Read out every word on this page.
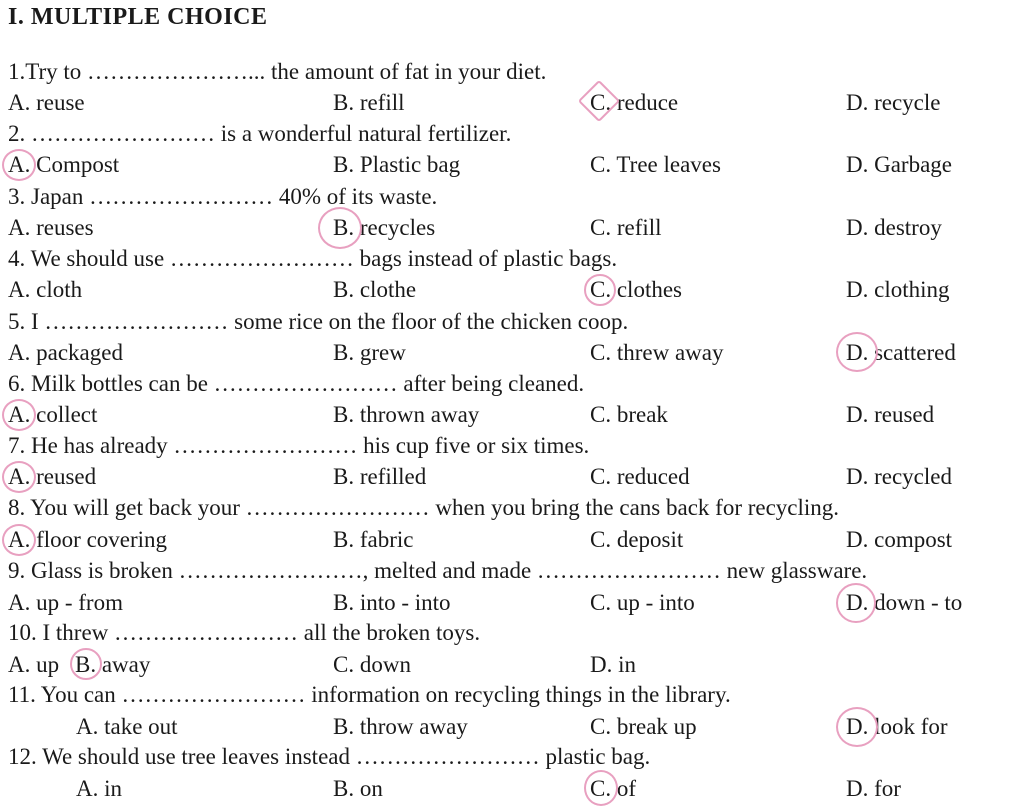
I. MULTIPLE CHOICE
1.Try to …………………... the amount of fat in your diet.
A. reuse	B. refill	C. reduce	D. recycle
2. …………………… is a wonderful natural fertilizer.
A. Compost	B. Plastic bag	C. Tree leaves	D. Garbage
3. Japan …………………… 40% of its waste.
A. reuses	B. recycles	C. refill	D. destroy
4. We should use …………………… bags instead of plastic bags.
A. cloth	B. clothe	C. clothes	D. clothing
5. I …………………… some rice on the floor of the chicken coop.
A. packaged	B. grew	C. threw away	D. scattered
6. Milk bottles can be …………………… after being cleaned.
A. collect	B. thrown away	C. break	D. reused
7. He has already …………………… his cup five or six times.
A. reused	B. refilled	C. reduced	D. recycled
8. You will get back your …………………… when you bring the cans back for recycling.
A. floor covering	B. fabric	C. deposit	D. compost
9. Glass is broken ……………………, melted and made …………………… new glassware.
A. up - from	B. into - into	C. up - into	D. down - to
10. I threw …………………… all the broken toys.
A. up B. away	C. down	D. in
11. You can …………………… information on recycling things in the library.
A. take out	B. throw away	C. break up	D. look for
12. We should use tree leaves instead …………………… plastic bag.
A. in	B. on	C. of	D. for
